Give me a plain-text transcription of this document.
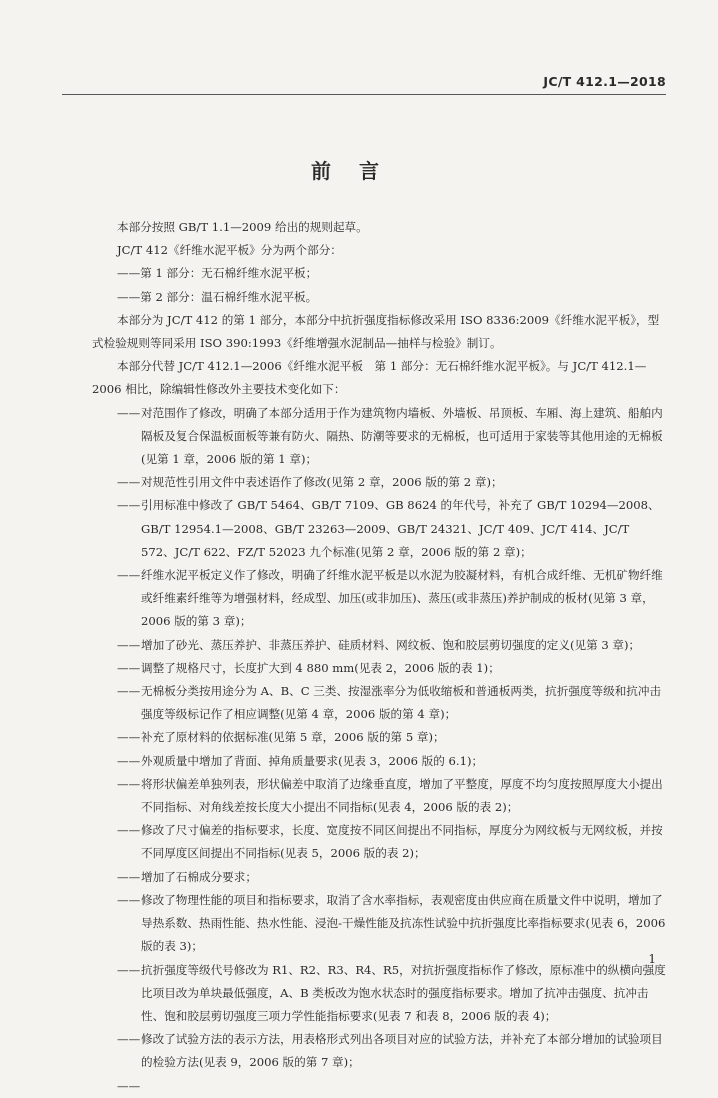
JC/T 412.1—2018
前言

本部分按照 GB/T 1.1—2009 给出的规则起草。

JC/T 412《纤维水泥平板》分为两个部分：

——第 1 部分：无石棉纤维水泥平板；

——第 2 部分：温石棉纤维水泥平板。

本部分为 JC/T 412 的第 1 部分，本部分中抗折强度指标修改采用 ISO 8336:2009《纤维水泥平板》，型式检验规则等同采用 ISO 390:1993《纤维增强水泥制品—抽样与检验》制订。

本部分代替 JC/T 412.1—2006《纤维水泥平板　第 1 部分：无石棉纤维水泥平板》。与 JC/T 412.1—2006 相比，除编辑性修改外主要技术变化如下：

—— 对范围作了修改，明确了本部分适用于作为建筑物内墙板、外墙板、吊顶板、车厢、海上建筑、船舶内隔板及复合保温板面板等兼有防火、隔热、防潮等要求的无棉板，也可适用于家装等其他用途的无棉板(见第 1 章，2006 版的第 1 章)；
—— 对规范性引用文件中表述语作了修改(见第 2 章，2006 版的第 2 章)；
—— 引用标准中修改了 GB/T 5464、GB/T 7109、GB 8624 的年代号，补充了 GB/T 10294—2008、GB/T 12954.1—2008、GB/T 23263—2009、GB/T 24321、JC/T 409、JC/T 414、JC/T 572、JC/T 622、FZ/T 52023 九个标准(见第 2 章，2006 版的第 2 章)；
—— 纤维水泥平板定义作了修改，明确了纤维水泥平板是以水泥为胶凝材料，有机合成纤维、无机矿物纤维或纤维素纤维等为增强材料，经成型、加压(或非加压)、蒸压(或非蒸压)养护制成的板材(见第 3 章，2006 版的第 3 章)；
—— 增加了砂光、蒸压养护、非蒸压养护、硅质材料、网纹板、饱和胶层剪切强度的定义(见第 3 章)；
—— 调整了规格尺寸，长度扩大到 4 880 mm(见表 2，2006 版的表 1)；
—— 无棉板分类按用途分为 A、B、C 三类、按湿涨率分为低收缩板和普通板两类，抗折强度等级和抗冲击强度等级标记作了相应调整(见第 4 章，2006 版的第 4 章)；
—— 补充了原材料的依据标准(见第 5 章，2006 版的第 5 章)；
—— 外观质量中增加了背面、掉角质量要求(见表 3，2006 版的 6.1)；
—— 将形状偏差单独列表，形状偏差中取消了边缘垂直度，增加了平整度，厚度不均匀度按照厚度大小提出不同指标、对角线差按长度大小提出不同指标(见表 4，2006 版的表 2)；
—— 修改了尺寸偏差的指标要求，长度、宽度按不同区间提出不同指标，厚度分为网纹板与无网纹板，并按不同厚度区间提出不同指标(见表 5，2006 版的表 2)；
—— 增加了石棉成分要求；
—— 修改了物理性能的项目和指标要求，取消了含水率指标，表观密度由供应商在质量文件中说明，增加了导热系数、热雨性能、热水性能、浸泡-干燥性能及抗冻性试验中抗折强度比率指标要求(见表 6，2006 版的表 3)；
—— 抗折强度等级代号修改为 R1、R2、R3、R4、R5，对抗折强度指标作了修改，原标准中的纵横向强度比项目改为单块最低强度，A、B 类板改为饱水状态时的强度指标要求。增加了抗冲击强度、抗冲击性、饱和胶层剪切强度三项力学性能指标要求(见表 7 和表 8，2006 版的表 4)；
—— 修改了试验方法的表示方法，用表格形式列出各项目对应的试验方法，并补充了本部分增加的试验项目的检验方法(见表 9，2006 版的第 7 章)；
——
1
